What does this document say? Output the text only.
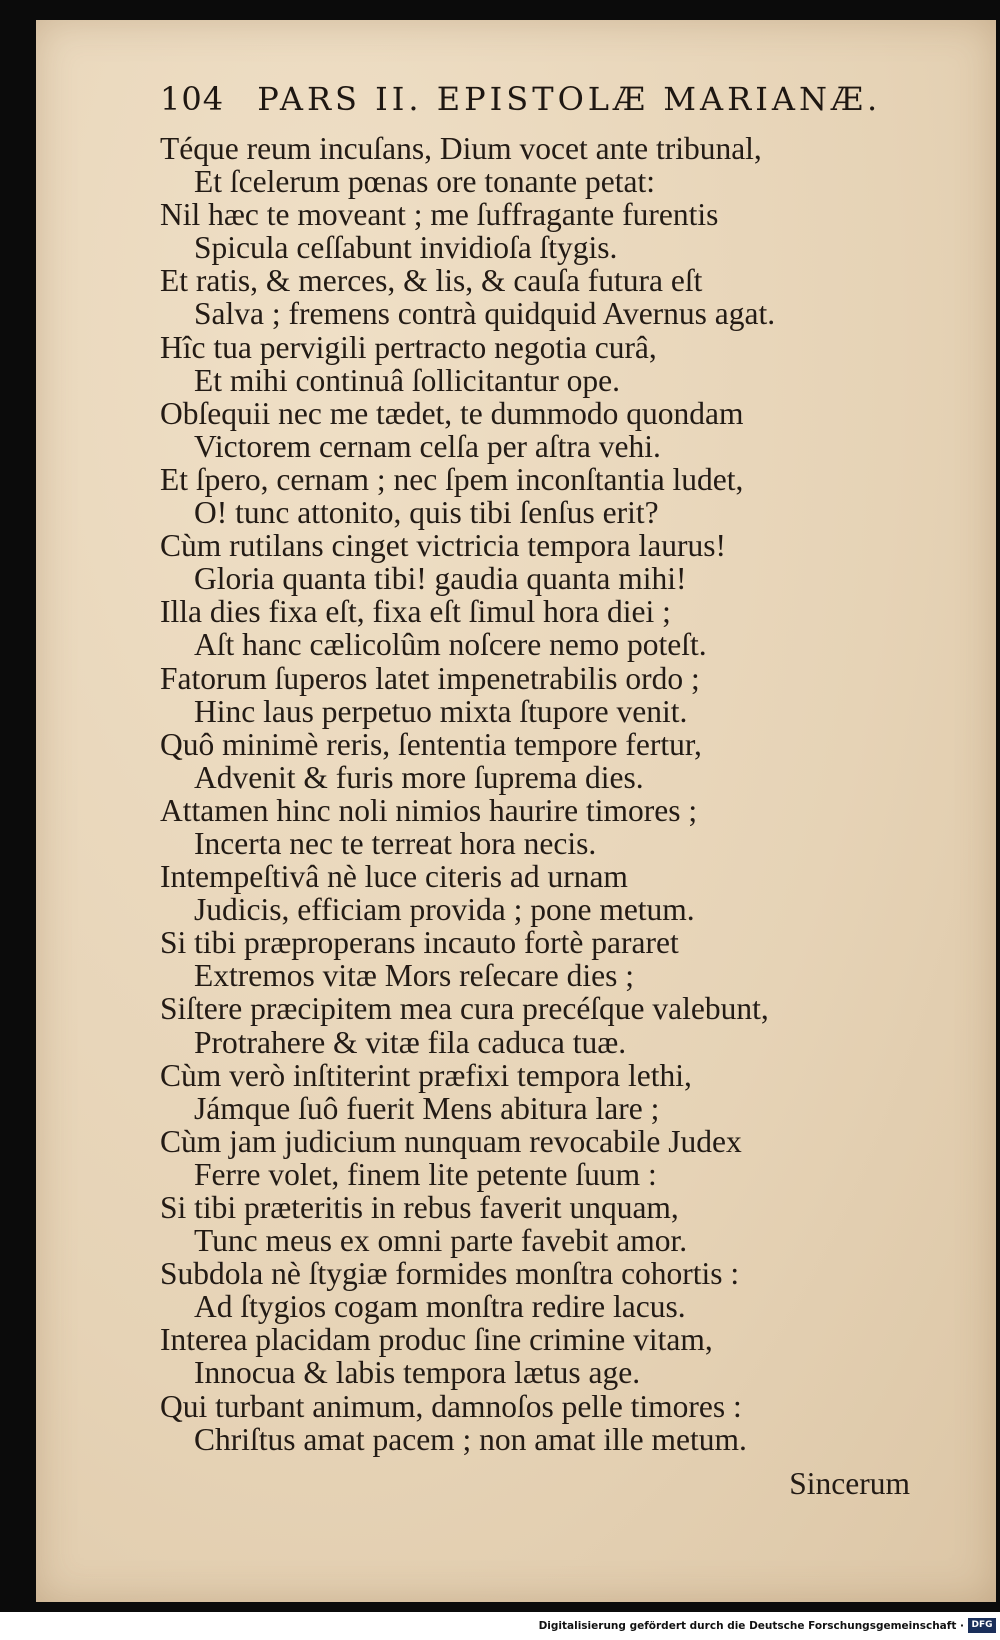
104 PARS II. EPISTOLÆ MARIANÆ.
Téque reum incuſans, Dium vocet ante tribunal,
Et ſcelerum pœnas ore tonante petat:
Nil hæc te moveant ; me ſuffragante furentis
Spicula ceſſabunt invidioſa ſtygis.
Et ratis, & merces, & lis, & cauſa futura eſt
Salva ; fremens contrà quidquid Avernus agat.
Hîc tua pervigili pertracto negotia curâ,
Et mihi continuâ ſollicitantur ope.
Obſequii nec me tædet, te dummodo quondam
Victorem cernam celſa per aſtra vehi.
Et ſpero, cernam ; nec ſpem inconſtantia ludet,
O! tunc attonito, quis tibi ſenſus erit?
Cùm rutilans cinget victricia tempora laurus!
Gloria quanta tibi! gaudia quanta mihi!
Illa dies fixa eſt, fixa eſt ſimul hora diei ;
Aſt hanc cælicolûm noſcere nemo poteſt.
Fatorum ſuperos latet impenetrabilis ordo ;
Hinc laus perpetuo mixta ſtupore venit.
Quô minimè reris, ſententia tempore fertur,
Advenit & furis more ſuprema dies.
Attamen hinc noli nimios haurire timores ;
Incerta nec te terreat hora necis.
Intempeſtivâ nè luce citeris ad urnam
Judicis, efficiam provida ; pone metum.
Si tibi præproperans incauto fortè pararet
Extremos vitæ Mors reſecare dies ;
Siſtere præcipitem mea cura precéſque valebunt,
Protrahere & vitæ fila caduca tuæ.
Cùm verò inſtiterint præfixi tempora lethi,
Jámque ſuô fuerit Mens abitura lare ;
Cùm jam judicium nunquam revocabile Judex
Ferre volet, finem lite petente ſuum :
Si tibi præteritis in rebus faverit unquam,
Tunc meus ex omni parte favebit amor.
Subdola nè ſtygiæ formides monſtra cohortis :
Ad ſtygios cogam monſtra redire lacus.
Interea placidam produc ſine crimine vitam,
Innocua & labis tempora lætus age.
Qui turbant animum, damnoſos pelle timores :
Chriſtus amat pacem ; non amat ille metum.
Sincerum
Digitalisierung gefördert durch die Deutsche Forschungsgemeinschaft · DFG
